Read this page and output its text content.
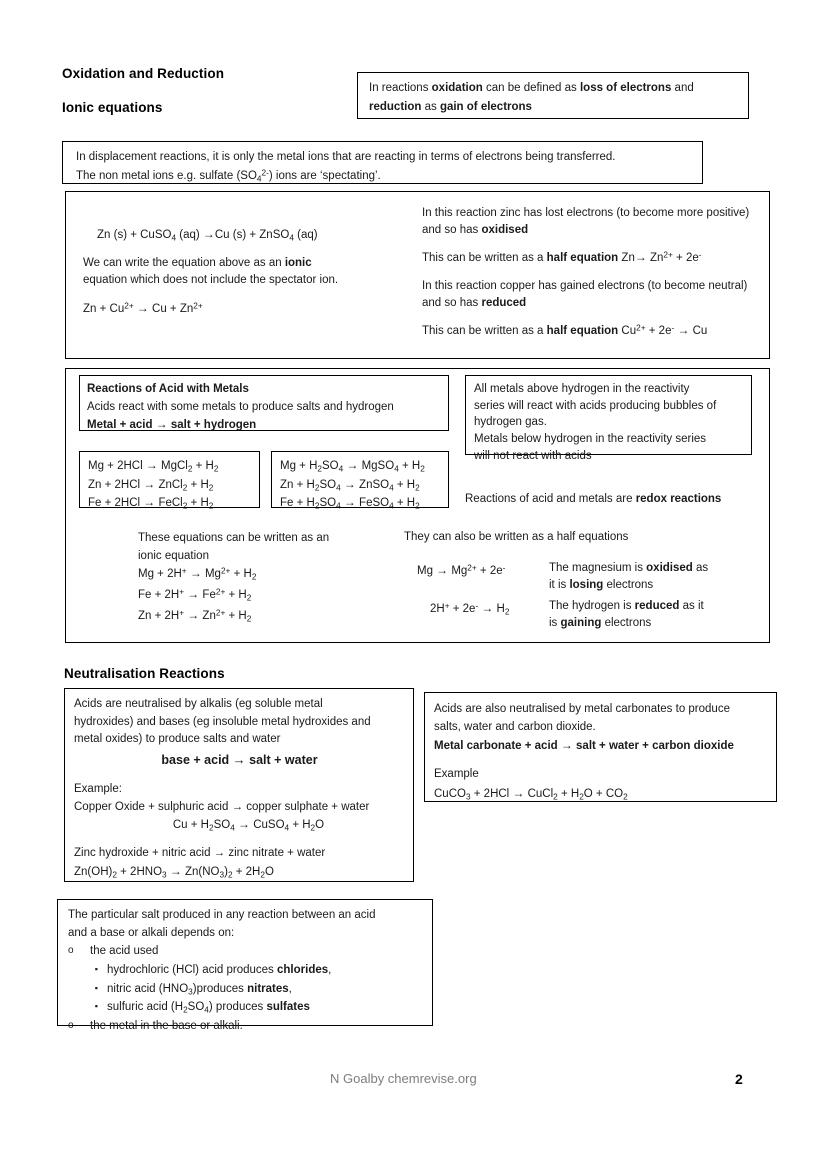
Oxidation and Reduction
Ionic equations

In reactions oxidation can be defined as loss of electrons and

reduction as gain of electrons

In displacement reactions, it is only the metal ions that are reacting in terms of electrons being transferred.

The non metal ions e.g. sulfate $(SO_4^{2-})$ ions are ‘spectating’.

Zn (s) + CuSO$_4$ (aq) →Cu (s) + ZnSO$_4$ (aq)

We can write the equation above as an ionic

equation which does not include the spectator ion.

$Zn + Cu^{2+} \to Cu + Zn^{2+}$

In this reaction zinc has lost electrons (to become more positive) and so has oxidised

This can be written as a half equation $Zn\to Zn^{2+} + 2e^-$

In this reaction copper has gained electrons (to become neutral) and so has reduced

This can be written as a half equation $Cu^{2+} + 2e^- \to Cu$

Reactions of Acid with Metals

Acids react with some metals to produce salts and hydrogen

Metal + acid → salt + hydrogen

All metals above hydrogen in the reactivity

series will react with acids producing bubbles of

hydrogen gas.

Metals below hydrogen in the reactivity series

will not react with acids

Mg + 2HCl → MgCl$_2$ + $H_2$

Zn + 2HCl → ZnCl$_2$ + $H_2$

Fe + 2HCl → FeCl$_2$ + $H_2$

$Mg + H_2SO_4$ → MgSO$_4$ + $H_2$

$Zn + H_2SO_4$ → ZnSO$_4$ + $H_2$

$Fe + H_2SO_4$ → FeSO$_4$ + $H_2$

Reactions of acid and metals are redox reactions

These equations can be written as an

ionic equation

$Mg + 2H^+ \to Mg^{2+} + H_2$

$Fe + 2H^+ \to Fe^{2+} + H_2$

$Zn + 2H^+ \to Zn^{2+} + H_2$

They can also be written as a half equations

$Mg \to Mg^{2+} + 2e^-$	The magnesium is oxidised as

it is losing electrons

$2H^+ + 2e^- \to H_2$	The hydrogen is reduced as it

is gaining electrons

Neutralisation Reactions

Acids are neutralised by alkalis (eg soluble metal

hydroxides) and bases (eg insoluble metal hydroxides and

metal oxides) to produce salts and water

base + acid → salt + water

Example:

Copper Oxide + sulphuric acid → copper sulphate + water

$Cu + H_2SO_4$ → CuSO$_4$ + $H_2O$

Zinc hydroxide + nitric acid → zinc nitrate + water

$Zn(OH)_2 + 2HNO_3 \to Zn(NO_3)_2 + 2H_2O$

Acids are also neutralised by metal carbonates to produce

salts, water and carbon dioxide.

Metal carbonate + acid → salt + water + carbon dioxide

Example

CuCO$_3$ + 2HCl → CuCl$_2$ + $H_2O + CO_2$

The particular salt produced in any reaction between an acid

and a base or alkali depends on:

o	the acid used
▪ hydrochloric (HCl) acid produces chlorides,
▪ nitric acid $(HNO_3)produces$ nitrates,
▪ sulfuric acid $(H_2SO_4)$ produces sulfates
o	the metal in the base or alkali.
N Goalby chemrevise.org	2
